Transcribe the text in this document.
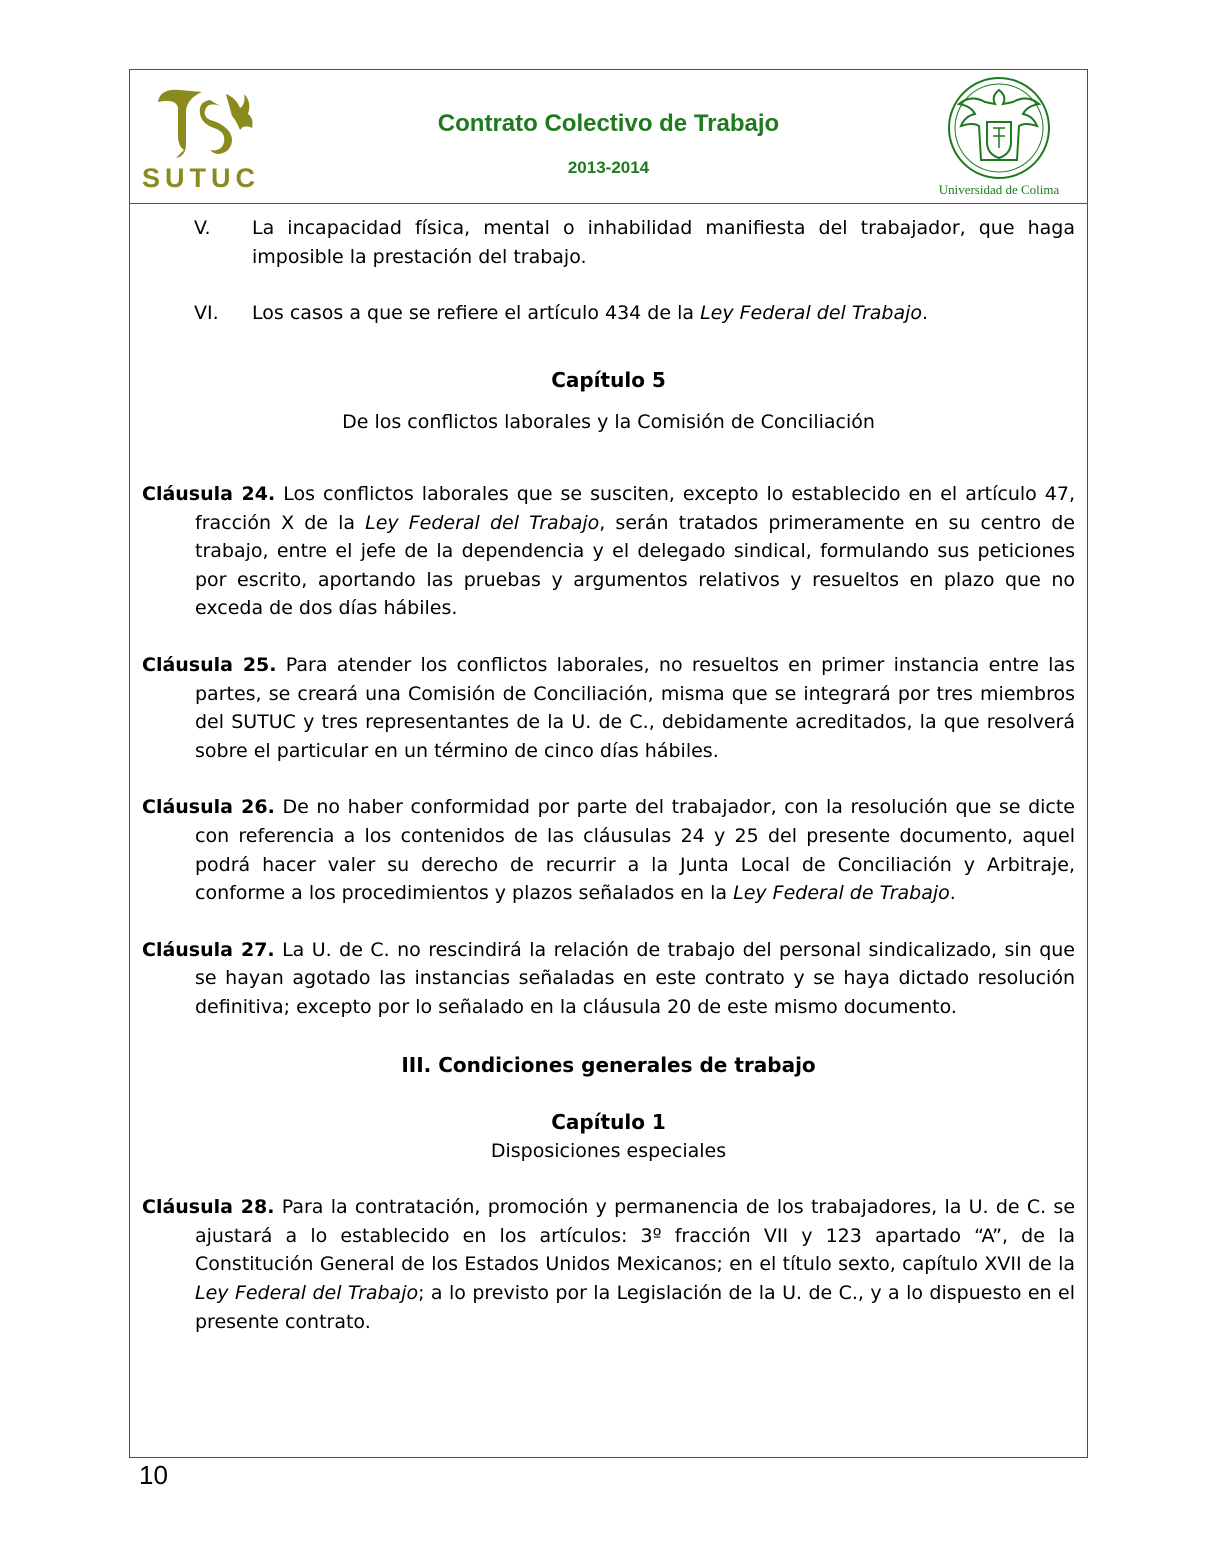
SUTUC
Contrato Colectivo de Trabajo
2013-2014
Universidad de Colima
V. La incapacidad física, mental o inhabilidad manifiesta del trabajador, que haga imposible la prestación del trabajo.
VI. Los casos a que se refiere el artículo 434 de la Ley Federal del Trabajo.
Capítulo 5
De los conflictos laborales y la Comisión de Conciliación
Cláusula 24. Los conflictos laborales que se susciten, excepto lo establecido en el artículo 47, fracción X de la Ley Federal del Trabajo, serán tratados primeramente en su centro de trabajo, entre el jefe de la dependencia y el delegado sindical, formulando sus peticiones por escrito, aportando las pruebas y argumentos relativos y resueltos en plazo que no exceda de dos días hábiles.
Cláusula 25. Para atender los conflictos laborales, no resueltos en primer instancia entre las partes, se creará una Comisión de Conciliación, misma que se integrará por tres miembros del SUTUC y tres representantes de la U. de C., debidamente acreditados, la que resolverá sobre el particular en un término de cinco días hábiles.
Cláusula 26. De no haber conformidad por parte del trabajador, con la resolución que se dicte con referencia a los contenidos de las cláusulas 24 y 25 del presente documento, aquel podrá hacer valer su derecho de recurrir a la Junta Local de Conciliación y Arbitraje, conforme a los procedimientos y plazos señalados en la Ley Federal de Trabajo.
Cláusula 27. La U. de C. no rescindirá la relación de trabajo del personal sindicalizado, sin que se hayan agotado las instancias señaladas en este contrato y se haya dictado resolución definitiva; excepto por lo señalado en la cláusula 20 de este mismo documento.
III. Condiciones generales de trabajo
Capítulo 1
Disposiciones especiales
Cláusula 28. Para la contratación, promoción y permanencia de los trabajadores, la U. de C. se ajustará a lo establecido en los artículos: 3º fracción VII y 123 apartado “A”, de la Constitución General de los Estados Unidos Mexicanos; en el título sexto, capítulo XVII de la Ley Federal del Trabajo; a lo previsto por la Legislación de la U. de C., y a lo dispuesto en el presente contrato.
10
